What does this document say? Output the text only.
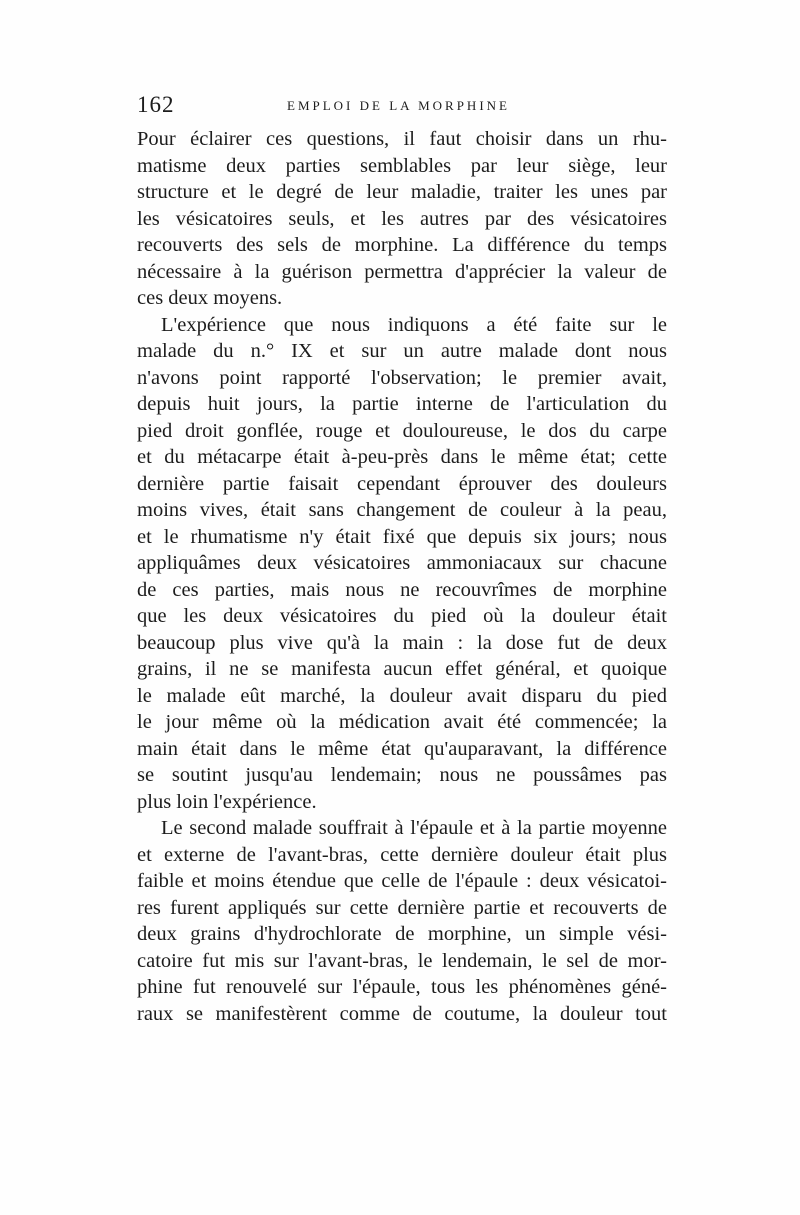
162	EMPLOI DE LA MORPHINE
Pour éclairer ces questions, il faut choisir dans un rhu-
matisme deux parties semblables par leur siège, leur
structure et le degré de leur maladie, traiter les unes par
les vésicatoires seuls, et les autres par des vésicatoires
recouverts des sels de morphine. La différence du temps
nécessaire à la guérison permettra d'apprécier la valeur de
ces deux moyens.
L'expérience que nous indiquons a été faite sur le
malade du n.° IX et sur un autre malade dont nous
n'avons point rapporté l'observation; le premier avait,
depuis huit jours, la partie interne de l'articulation du
pied droit gonflée, rouge et douloureuse, le dos du carpe
et du métacarpe était à-peu-près dans le même état; cette
dernière partie faisait cependant éprouver des douleurs
moins vives, était sans changement de couleur à la peau,
et le rhumatisme n'y était fixé que depuis six jours; nous
appliquâmes deux vésicatoires ammoniacaux sur chacune
de ces parties, mais nous ne recouvrîmes de morphine
que les deux vésicatoires du pied où la douleur était
beaucoup plus vive qu'à la main : la dose fut de deux
grains, il ne se manifesta aucun effet général, et quoique
le malade eût marché, la douleur avait disparu du pied
le jour même où la médication avait été commencée; la
main était dans le même état qu'auparavant, la différence
se soutint jusqu'au lendemain; nous ne poussâmes pas
plus loin l'expérience.
Le second malade souffrait à l'épaule et à la partie moyenne
et externe de l'avant-bras, cette dernière douleur était plus
faible et moins étendue que celle de l'épaule : deux vésicatoi-
res furent appliqués sur cette dernière partie et recouverts de
deux grains d'hydrochlorate de morphine, un simple vési-
catoire fut mis sur l'avant-bras, le lendemain, le sel de mor-
phine fut renouvelé sur l'épaule, tous les phénomènes géné-
raux se manifestèrent comme de coutume, la douleur tout
